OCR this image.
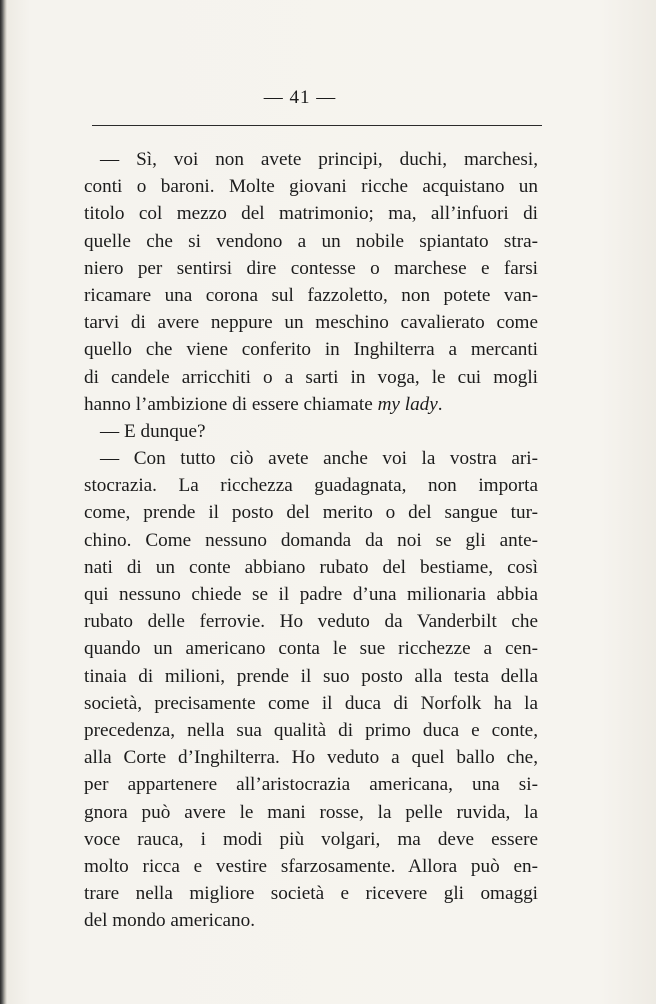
— 41 —
— Sì, voi non avete principi, duchi, marchesi,
conti o baroni. Molte giovani ricche acquistano un
titolo col mezzo del matrimonio; ma, all’infuori di
quelle che si vendono a un nobile spiantato stra-
niero per sentirsi dire contesse o marchese e farsi
ricamare una corona sul fazzoletto, non potete van-
tarvi di avere neppure un meschino cavalierato come
quello che viene conferito in Inghilterra a mercanti
di candele arricchiti o a sarti in voga, le cui mogli
hanno l’ambizione di essere chiamate my lady.
— E dunque?
— Con tutto ciò avete anche voi la vostra ari-
stocrazia. La ricchezza guadagnata, non importa
come, prende il posto del merito o del sangue tur-
chino. Come nessuno domanda da noi se gli ante-
nati di un conte abbiano rubato del bestiame, così
qui nessuno chiede se il padre d’una milionaria abbia
rubato delle ferrovie. Ho veduto da Vanderbilt che
quando un americano conta le sue ricchezze a cen-
tinaia di milioni, prende il suo posto alla testa della
società, precisamente come il duca di Norfolk ha la
precedenza, nella sua qualità di primo duca e conte,
alla Corte d’Inghilterra. Ho veduto a quel ballo che,
per appartenere all’aristocrazia americana, una si-
gnora può avere le mani rosse, la pelle ruvida, la
voce rauca, i modi più volgari, ma deve essere
molto ricca e vestire sfarzosamente. Allora può en-
trare nella migliore società e ricevere gli omaggi
del mondo americano.
